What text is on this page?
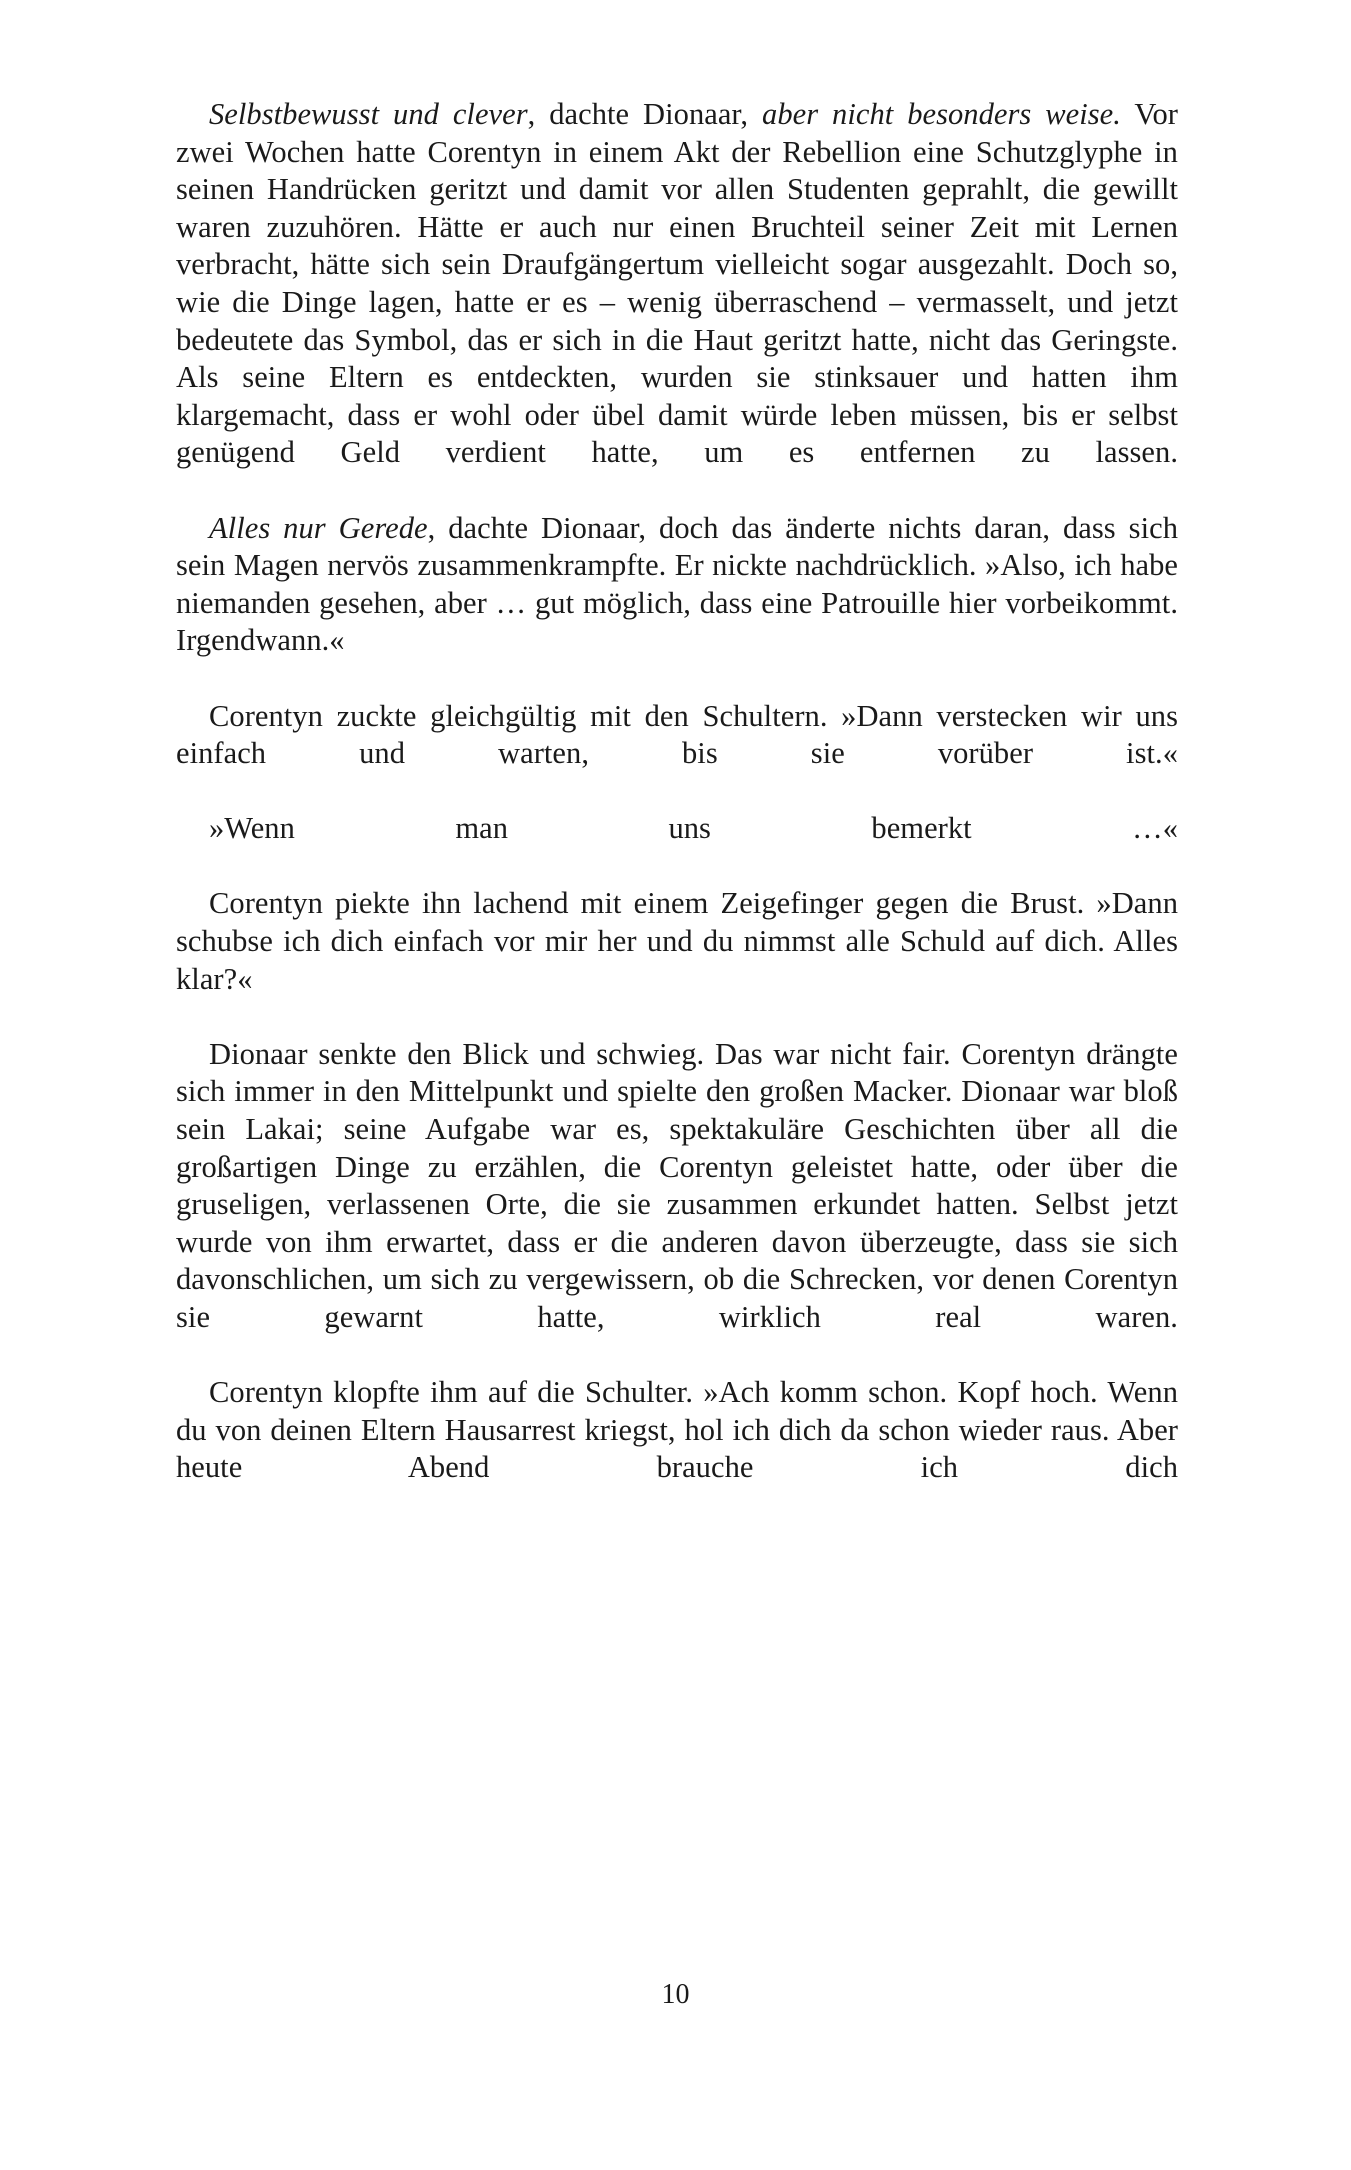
Selbstbewusst und clever, dachte Dionaar, aber nicht besonders weise. Vor zwei Wochen hatte Corentyn in einem Akt der Rebellion eine Schutzglyphe in seinen Handrücken geritzt und damit vor allen Studenten geprahlt, die gewillt waren zuzuhören. Hätte er auch nur einen Bruchteil seiner Zeit mit Lernen verbracht, hätte sich sein Draufgängertum vielleicht sogar ausgezahlt. Doch so, wie die Dinge lagen, hatte er es – wenig überraschend – vermasselt, und jetzt bedeutete das Symbol, das er sich in die Haut geritzt hatte, nicht das Geringste. Als seine Eltern es entdeckten, wurden sie stinksauer und hatten ihm klargemacht, dass er wohl oder übel damit würde leben müssen, bis er selbst genügend Geld verdient hatte, um es entfernen zu lassen.

Alles nur Gerede, dachte Dionaar, doch das änderte nichts daran, dass sich sein Magen nervös zusammenkrampfte. Er nickte nachdrücklich. »Also, ich habe niemanden gesehen, aber … gut möglich, dass eine Patrouille hier vorbeikommt. Irgendwann.«

Corentyn zuckte gleichgültig mit den Schultern. »Dann verstecken wir uns einfach und warten, bis sie vorüber ist.«

»Wenn man uns bemerkt …«

Corentyn piekte ihn lachend mit einem Zeigefinger gegen die Brust. »Dann schubse ich dich einfach vor mir her und du nimmst alle Schuld auf dich. Alles klar?«

Dionaar senkte den Blick und schwieg. Das war nicht fair. Corentyn drängte sich immer in den Mittelpunkt und spielte den großen Macker. Dionaar war bloß sein Lakai; seine Aufgabe war es, spektakuläre Geschichten über all die großartigen Dinge zu erzählen, die Corentyn geleistet hatte, oder über die gruseligen, verlassenen Orte, die sie zusammen erkundet hatten. Selbst jetzt wurde von ihm erwartet, dass er die anderen davon überzeugte, dass sie sich davonschlichen, um sich zu vergewissern, ob die Schrecken, vor denen Corentyn sie gewarnt hatte, wirklich real waren.

Corentyn klopfte ihm auf die Schulter. »Ach komm schon. Kopf hoch. Wenn du von deinen Eltern Hausarrest kriegst, hol ich dich da schon wieder raus. Aber heute Abend brauche ich dich

10
